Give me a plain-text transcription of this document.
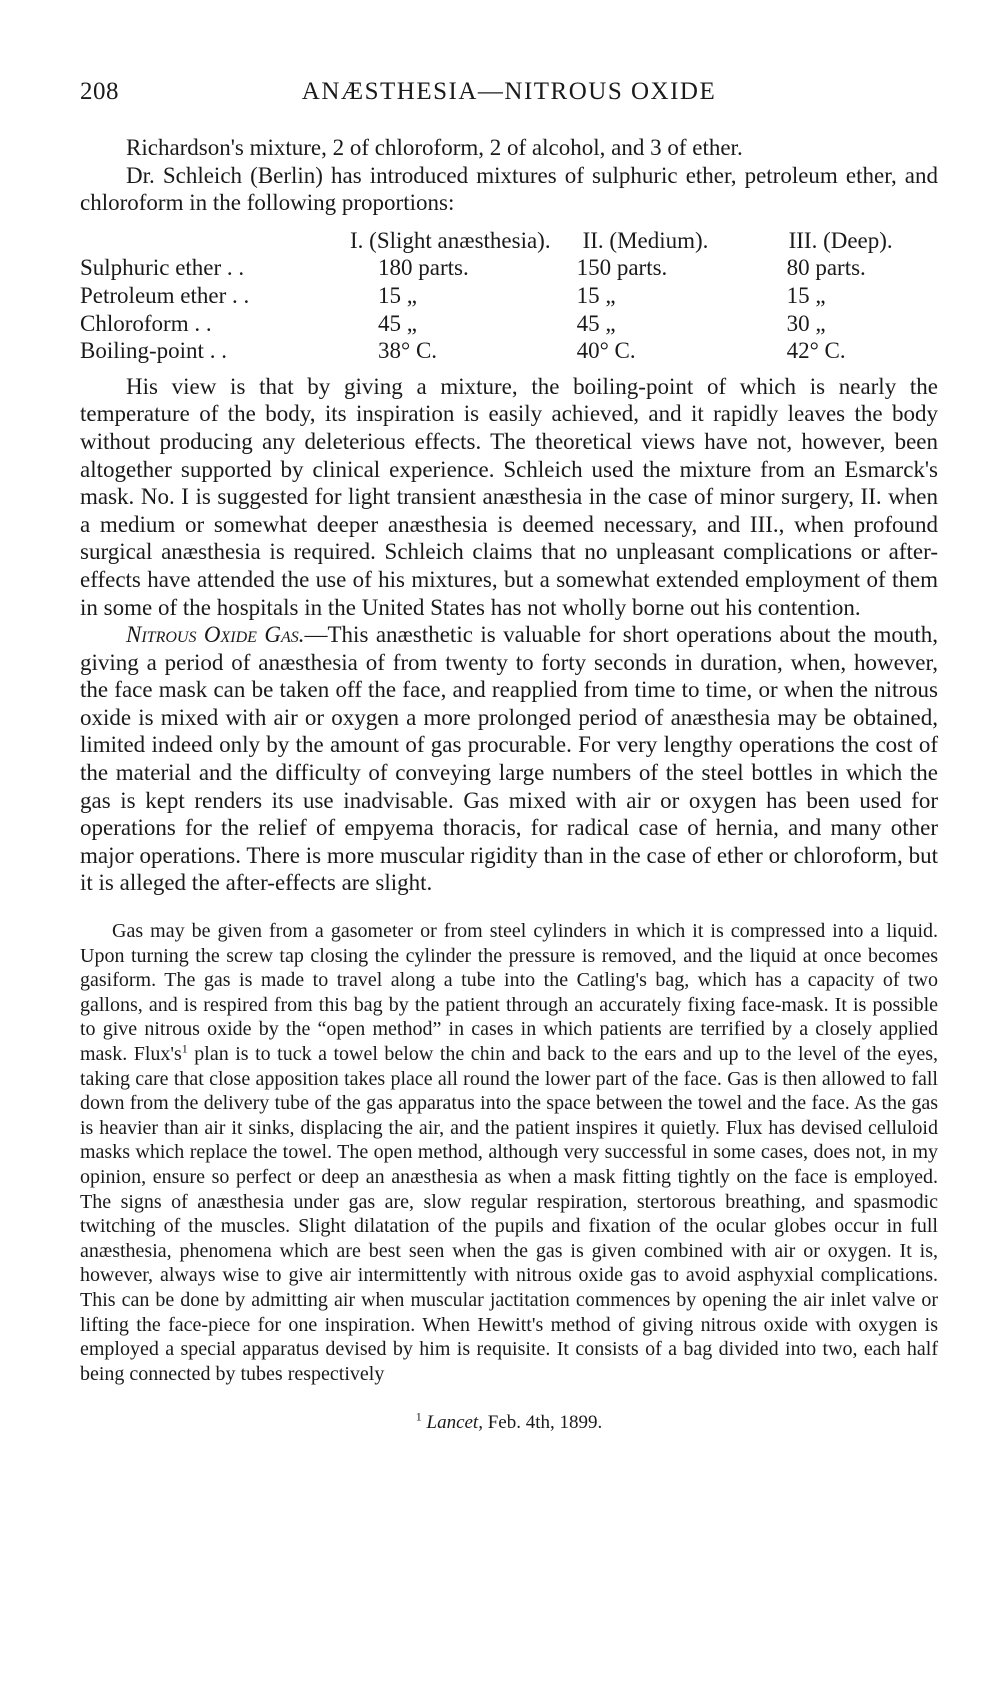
208	ANÆSTHESIA—NITROUS OXIDE

Richardson's mixture, 2 of chloroform, 2 of alcohol, and 3 of ether.

Dr. Schleich (Berlin) has introduced mixtures of sulphuric ether, petroleum ether, and chloroform in the following proportions:

	I. (Slight anæsthesia).	II. (Medium).	III. (Deep).
Sulphuric ether . .	180 parts.	150 parts.	80 parts.
Petroleum ether . .	15 „	15 „	15 „
Chloroform . .	45 „	45 „	30 „
Boiling-point . .	38° C.	40° C.	42° C.

His view is that by giving a mixture, the boiling-point of which is nearly the temperature of the body, its inspiration is easily achieved, and it rapidly leaves the body without producing any deleterious effects. The theoretical views have not, however, been altogether supported by clinical experience. Schleich used the mixture from an Esmarck's mask. No. I is suggested for light transient anæsthesia in the case of minor surgery, II. when a medium or somewhat deeper anæsthesia is deemed necessary, and III., when profound surgical anæsthesia is required. Schleich claims that no unpleasant complications or after-effects have attended the use of his mixtures, but a somewhat extended employment of them in some of the hospitals in the United States has not wholly borne out his contention.

Nitrous Oxide Gas.—This anæsthetic is valuable for short operations about the mouth, giving a period of anæsthesia of from twenty to forty seconds in duration, when, however, the face mask can be taken off the face, and reapplied from time to time, or when the nitrous oxide is mixed with air or oxygen a more prolonged period of anæsthesia may be obtained, limited indeed only by the amount of gas procurable. For very lengthy operations the cost of the material and the difficulty of conveying large numbers of the steel bottles in which the gas is kept renders its use inadvisable. Gas mixed with air or oxygen has been used for operations for the relief of empyema thoracis, for radical case of hernia, and many other major operations. There is more muscular rigidity than in the case of ether or chloroform, but it is alleged the after-effects are slight.

Gas may be given from a gasometer or from steel cylinders in which it is compressed into a liquid. Upon turning the screw tap closing the cylinder the pressure is removed, and the liquid at once becomes gasiform. The gas is made to travel along a tube into the Catling's bag, which has a capacity of two gallons, and is respired from this bag by the patient through an accurately fixing face-mask. It is possible to give nitrous oxide by the “open method” in cases in which patients are terrified by a closely applied mask. $Flux's^1$ plan is to tuck a towel below the chin and back to the ears and up to the level of the eyes, taking care that close apposition takes place all round the lower part of the face. Gas is then allowed to fall down from the delivery tube of the gas apparatus into the space between the towel and the face. As the gas is heavier than air it sinks, displacing the air, and the patient inspires it quietly. Flux has devised celluloid masks which replace the towel. The open method, although very successful in some cases, does not, in my opinion, ensure so perfect or deep an anæsthesia as when a mask fitting tightly on the face is employed. The signs of anæsthesia under gas are, slow regular respiration, stertorous breathing, and spasmodic twitching of the muscles. Slight dilatation of the pupils and fixation of the ocular globes occur in full anæsthesia, phenomena which are best seen when the gas is given combined with air or oxygen. It is, however, always wise to give air intermittently with nitrous oxide gas to avoid asphyxial complications. This can be done by admitting air when muscular jactitation commences by opening the air inlet valve or lifting the face-piece for one inspiration. When Hewitt's method of giving nitrous oxide with oxygen is employed a special apparatus devised by him is requisite. It consists of a bag divided into two, each half being connected by tubes respectively

$^1$ Lancet, Feb. 4th, 1899.
